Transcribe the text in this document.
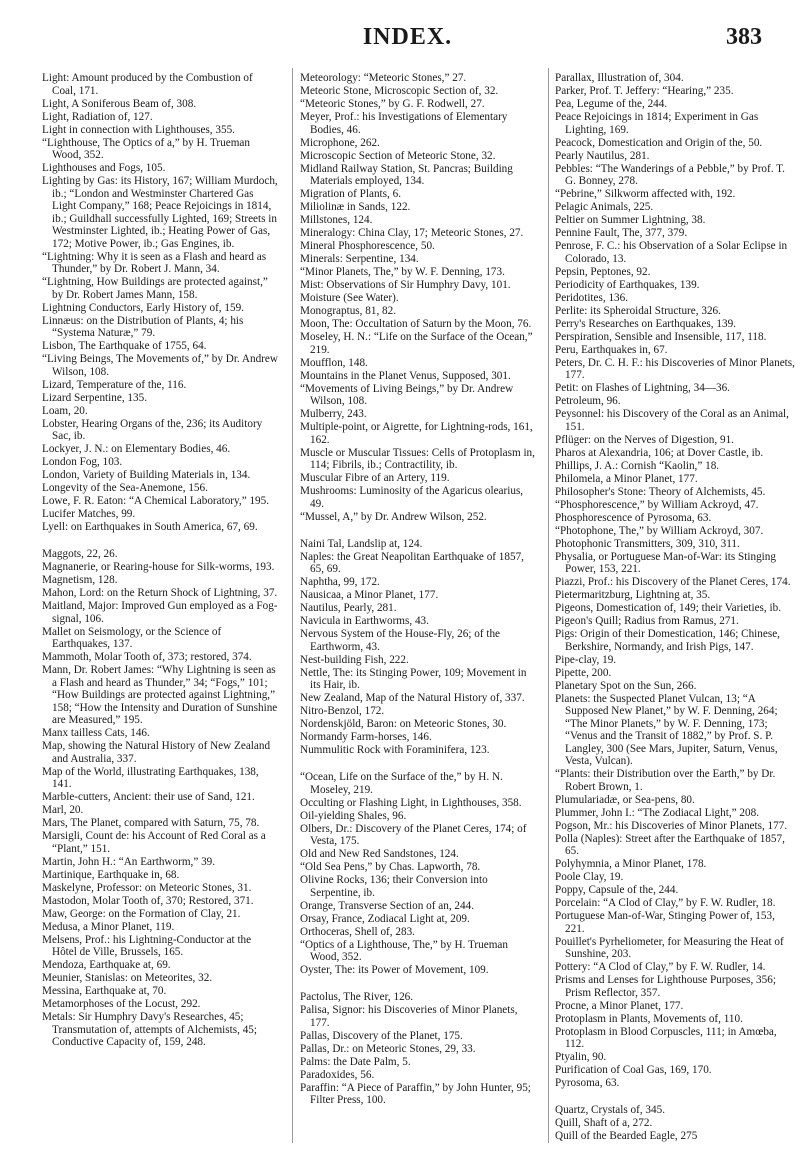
INDEX.	383
Light: Amount produced by the Combustion of Coal, 171.
Light, A Soniferous Beam of, 308.
Light, Radiation of, 127.
Light in connection with Lighthouses, 355.
“Lighthouse, The Optics of a,” by H. Trueman Wood, 352.
Lighthouses and Fogs, 105.
Lighting by Gas: its History, 167; William Murdoch, ib.; “London and Westminster Chartered Gas Light Company,” 168; Peace Rejoicings in 1814, ib.; Guildhall successfully Lighted, 169; Streets in Westminster Lighted, ib.; Heating Power of Gas, 172; Motive Power, ib.; Gas Engines, ib.
“Lightning: Why it is seen as a Flash and heard as Thunder,” by Dr. Robert J. Mann, 34.
“Lightning, How Buildings are protected against,” by Dr. Robert James Mann, 158.
Lightning Conductors, Early History of, 159.
Linnæus: on the Distribution of Plants, 4; his “Systema Naturæ,” 79.
Lisbon, The Earthquake of 1755, 64.
“Living Beings, The Movements of,” by Dr. Andrew Wilson, 108.
Lizard, Temperature of the, 116.
Lizard Serpentine, 135.
Loam, 20.
Lobster, Hearing Organs of the, 236; its Auditory Sac, ib.
Lockyer, J. N.: on Elementary Bodies, 46.
London Fog, 103.
London, Variety of Building Materials in, 134.
Longevity of the Sea-Anemone, 156.
Lowe, F. R. Eaton: “A Chemical Laboratory,” 195.
Lucifer Matches, 99.
Lyell: on Earthquakes in South America, 67, 69.
Maggots, 22, 26.
Magnanerie, or Rearing-house for Silk-worms, 193.
Magnetism, 128.
Mahon, Lord: on the Return Shock of Lightning, 37.
Maitland, Major: Improved Gun employed as a Fog-signal, 106.
Mallet on Seismology, or the Science of Earthquakes, 137.
Mammoth, Molar Tooth of, 373; restored, 374.
Mann, Dr. Robert James: “Why Lightning is seen as a Flash and heard as Thunder,” 34; “Fogs,” 101; “How Buildings are protected against Lightning,” 158; “How the Intensity and Duration of Sunshine are Measured,” 195.
Manx tailless Cats, 146.
Map, showing the Natural History of New Zealand and Australia, 337.
Map of the World, illustrating Earthquakes, 138, 141.
Marble-cutters, Ancient: their use of Sand, 121.
Marl, 20.
Mars, The Planet, compared with Saturn, 75, 78.
Marsigli, Count de: his Account of Red Coral as a “Plant,” 151.
Martin, John H.: “An Earthworm,” 39.
Martinique, Earthquake in, 68.
Maskelyne, Professor: on Meteoric Stones, 31.
Mastodon, Molar Tooth of, 370; Restored, 371.
Maw, George: on the Formation of Clay, 21.
Medusa, a Minor Planet, 119.
Melsens, Prof.: his Lightning-Conductor at the Hôtel de Ville, Brussels, 165.
Mendoza, Earthquake at, 69.
Meunier, Stanislas: on Meteorites, 32.
Messina, Earthquake at, 70.
Metamorphoses of the Locust, 292.
Metals: Sir Humphry Davy's Researches, 45; Transmutation of, attempts of Alchemists, 45; Conductive Capacity of, 159, 248.
Meteorology: “Meteoric Stones,” 27.
Meteoric Stone, Microscopic Section of, 32.
“Meteoric Stones,” by G. F. Rodwell, 27.
Meyer, Prof.: his Investigations of Elementary Bodies, 46.
Microphone, 262.
Microscopic Section of Meteoric Stone, 32.
Midland Railway Station, St. Pancras; Building Materials employed, 134.
Migration of Plants, 6.
Miliolinæ in Sands, 122.
Millstones, 124.
Mineralogy: China Clay, 17; Meteoric Stones, 27.
Mineral Phosphorescence, 50.
Minerals: Serpentine, 134.
“Minor Planets, The,” by W. F. Denning, 173.
Mist: Observations of Sir Humphry Davy, 101.
Moisture (See Water).
Monograptus, 81, 82.
Moon, The: Occultation of Saturn by the Moon, 76.
Moseley, H. N.: “Life on the Surface of the Ocean,” 219.
Moufflon, 148.
Mountains in the Planet Venus, Supposed, 301.
“Movements of Living Beings,” by Dr. Andrew Wilson, 108.
Mulberry, 243.
Multiple-point, or Aigrette, for Lightning-rods, 161, 162.
Muscle or Muscular Tissues: Cells of Protoplasm in, 114; Fibrils, ib.; Contractility, ib.
Muscular Fibre of an Artery, 119.
Mushrooms: Luminosity of the Agaricus olearius, 49.
“Mussel, A,” by Dr. Andrew Wilson, 252.
Naini Tal, Landslip at, 124.
Naples: the Great Neapolitan Earthquake of 1857, 65, 69.
Naphtha, 99, 172.
Nausicaa, a Minor Planet, 177.
Nautilus, Pearly, 281.
Navicula in Earthworms, 43.
Nervous System of the House-Fly, 26; of the Earthworm, 43.
Nest-building Fish, 222.
Nettle, The: its Stinging Power, 109; Movement in its Hair, ib.
New Zealand, Map of the Natural History of, 337.
Nitro-Benzol, 172.
Nordenskjöld, Baron: on Meteoric Stones, 30.
Normandy Farm-horses, 146.
Nummulitic Rock with Foraminifera, 123.
“Ocean, Life on the Surface of the,” by H. N. Moseley, 219.
Occulting or Flashing Light, in Lighthouses, 358.
Oil-yielding Shales, 96.
Olbers, Dr.: Discovery of the Planet Ceres, 174; of Vesta, 175.
Old and New Red Sandstones, 124.
“Old Sea Pens,” by Chas. Lapworth, 78.
Olivine Rocks, 136; their Conversion into Serpentine, ib.
Orange, Transverse Section of an, 244.
Orsay, France, Zodiacal Light at, 209.
Orthoceras, Shell of, 283.
“Optics of a Lighthouse, The,” by H. Trueman Wood, 352.
Oyster, The: its Power of Movement, 109.
Pactolus, The River, 126.
Palisa, Signor: his Discoveries of Minor Planets, 177.
Pallas, Discovery of the Planet, 175.
Pallas, Dr.: on Meteoric Stones, 29, 33.
Palms: the Date Palm, 5.
Paradoxides, 56.
Paraffin: “A Piece of Paraffin,” by John Hunter, 95; Filter Press, 100.
Parallax, Illustration of, 304.
Parker, Prof. T. Jeffery: “Hearing,” 235.
Pea, Legume of the, 244.
Peace Rejoicings in 1814; Experiment in Gas Lighting, 169.
Peacock, Domestication and Origin of the, 50.
Pearly Nautilus, 281.
Pebbles: “The Wanderings of a Pebble,” by Prof. T. G. Bonney, 278.
“Pebrine,” Silkworm affected with, 192.
Pelagic Animals, 225.
Peltier on Summer Lightning, 38.
Pennine Fault, The, 377, 379.
Penrose, F. C.: his Observation of a Solar Eclipse in Colorado, 13.
Pepsin, Peptones, 92.
Periodicity of Earthquakes, 139.
Peridotites, 136.
Perlite: its Spheroidal Structure, 326.
Perry's Researches on Earthquakes, 139.
Perspiration, Sensible and Insensible, 117, 118.
Peru, Earthquakes in, 67.
Peters, Dr. C. H. F.: his Discoveries of Minor Planets, 177.
Petit: on Flashes of Lightning, 34—36.
Petroleum, 96.
Peysonnel: his Discovery of the Coral as an Animal, 151.
Pflüger: on the Nerves of Digestion, 91.
Pharos at Alexandria, 106; at Dover Castle, ib.
Phillips, J. A.: Cornish “Kaolin,” 18.
Philomela, a Minor Planet, 177.
Philosopher's Stone: Theory of Alchemists, 45.
“Phosphorescence,” by William Ackroyd, 47.
Phosphorescence of Pyrosoma, 63.
“Photophone, The,” by William Ackroyd, 307.
Photophonic Transmitters, 309, 310, 311.
Physalia, or Portuguese Man-of-War: its Stinging Power, 153, 221.
Piazzi, Prof.: his Discovery of the Planet Ceres, 174.
Pietermaritzburg, Lightning at, 35.
Pigeons, Domestication of, 149; their Varieties, ib.
Pigeon's Quill; Radius from Ramus, 271.
Pigs: Origin of their Domestication, 146; Chinese, Berkshire, Normandy, and Irish Pigs, 147.
Pipe-clay, 19.
Pipette, 200.
Planetary Spot on the Sun, 266.
Planets: the Suspected Planet Vulcan, 13; “A Supposed New Planet,” by W. F. Denning, 264; “The Minor Planets,” by W. F. Denning, 173; “Venus and the Transit of 1882,” by Prof. S. P. Langley, 300 (See Mars, Jupiter, Saturn, Venus, Vesta, Vulcan).
“Plants: their Distribution over the Earth,” by Dr. Robert Brown, 1.
Plumulariadæ, or Sea-pens, 80.
Plummer, John I.: “The Zodiacal Light,” 208.
Pogson, Mr.: his Discoveries of Minor Planets, 177.
Polla (Naples): Street after the Earthquake of 1857, 65.
Polyhymnia, a Minor Planet, 178.
Poole Clay, 19.
Poppy, Capsule of the, 244.
Porcelain: “A Clod of Clay,” by F. W. Rudler, 18.
Portuguese Man-of-War, Stinging Power of, 153, 221.
Pouillet's Pyrheliometer, for Measuring the Heat of Sunshine, 203.
Pottery: “A Clod of Clay,” by F. W. Rudler, 14.
Prisms and Lenses for Lighthouse Purposes, 356; Prism Reflector, 357.
Procne, a Minor Planet, 177.
Protoplasm in Plants, Movements of, 110.
Protoplasm in Blood Corpuscles, 111; in Amœba, 112.
Ptyalin, 90.
Purification of Coal Gas, 169, 170.
Pyrosoma, 63.
Quartz, Crystals of, 345.
Quill, Shaft of a, 272.
Quill of the Bearded Eagle, 275
